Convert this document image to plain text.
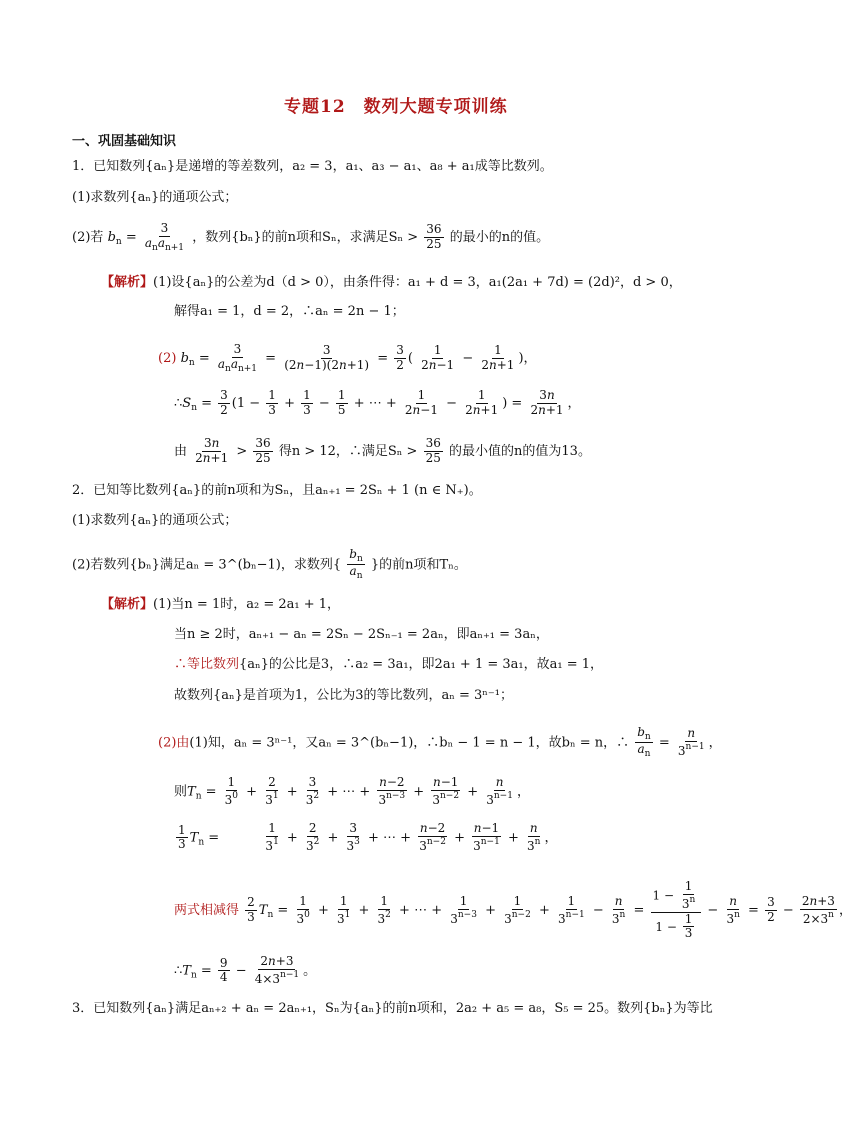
专题12　数列大题专项训练
一、巩固基础知识
1．已知数列{aₙ}是递增的等差数列，a₂ = 3，a₁、a₃ − a₁、a₈ + a₁成等比数列。
(1)求数列{aₙ}的通项公式；
(2)若 $b_n = \frac{3}{a_na_{n+1}}$ ，数列{bₙ}的前n项和Sₙ，求满足$S_n > \frac{36}{25}$ 的最小的n的值。
【解析】(1)设{aₙ}的公差为d（d > 0），由条件得：a₁ + d = 3，a₁(2a₁ + 7d) = (2d)²，d > 0，
解得a₁ = 1，d = 2，∴aₙ = 2n − 1；
(2) $b_n = \frac{3}{a_na_{n+1}} = \frac{3}{(2n-1)(2n+1)} = \frac{3}{2}$ ( $\frac{1}{2n-1} - \frac{1}{2n+1}$ )，
$\therefore S_n = \frac{3}{2} (1 - \frac{1}{3} + \frac{1}{3} - \frac{1}{5}$ + ⋯ + $\frac{1}{2n-1} - \frac{1}{2n+1}$ ) = $\frac{3n}{2n+1}$ ，
由 $\frac{3n}{2n+1} > \frac{36}{25}$ 得n > 12，∴满足$S_n > \frac{36}{25}$ 的最小值的n的值为13。
2．已知等比数列{aₙ}的前n项和为Sₙ，且aₙ₊₁ = 2Sₙ + 1 (n ∈ N₊)。
(1)求数列{aₙ}的通项公式；
(2)若数列{bₙ}满足aₙ = 3^(bₙ−1)，求数列{ $\frac{b_n}{a_n}$ }的前n项和Tₙ。
【解析】(1)当n = 1时，a₂ = 2a₁ + 1，
当n ≥ 2时，aₙ₊₁ − aₙ = 2Sₙ − 2Sₙ₋₁ = 2aₙ，即aₙ₊₁ = 3aₙ，
∴等比数列{aₙ}的公比是3，∴a₂ = 3a₁，即2a₁ + 1 = 3a₁，故a₁ = 1，
故数列{aₙ}是首项为1，公比为3的等比数列，aₙ = 3ⁿ⁻¹；
(2)由(1)知，aₙ = 3ⁿ⁻¹，又aₙ = 3^(bₙ−1)，∴bₙ − 1 = n − 1，故bₙ = n，∴ $\frac{b_n}{a_n} = \frac{n}{3^{n-1}}$ ，
则$T_n = \frac{1}{3^0} + \frac{2}{3^1} + \frac{3}{3^2}$ + ⋯ + $\frac{n-2}{3^{n-3}} + \frac{n-1}{3^{n-2}} + \frac{n}{3^{n-1}}$ ，
$\frac{1}{3} T_n$ =	$\frac{1}{3^1} + \frac{2}{3^2} + \frac{3}{3^3}$ + ⋯ + $\frac{n-2}{3^{n-2}} + \frac{n-1}{3^{n-1}} + \frac{n}{3^n}$ ，
两式相减得 $\frac{2}{3} T_n = \frac{1}{3^0} + \frac{1}{3^1} + \frac{1}{3^2}$ + ⋯ + $\frac{1}{3^{n-3}} + \frac{1}{3^{n-2}} + \frac{1}{3^{n-1}} - \frac{n}{3^n} = \frac{1 - \frac{1}{3^n}}{1 - \frac{1}{3}} - \frac{n}{3^n} = \frac{3}{2} - \frac{2n+3}{2\times 3^n}$ ，
$\therefore T_n = \frac{9}{4} - \frac{2n+3}{4\times 3^{n-1}}$ 。
3．已知数列{aₙ}满足aₙ₊₂ + aₙ = 2aₙ₊₁，Sₙ为{aₙ}的前n项和，2a₂ + a₅ = a₈，S₅ = 25。数列{bₙ}为等比
